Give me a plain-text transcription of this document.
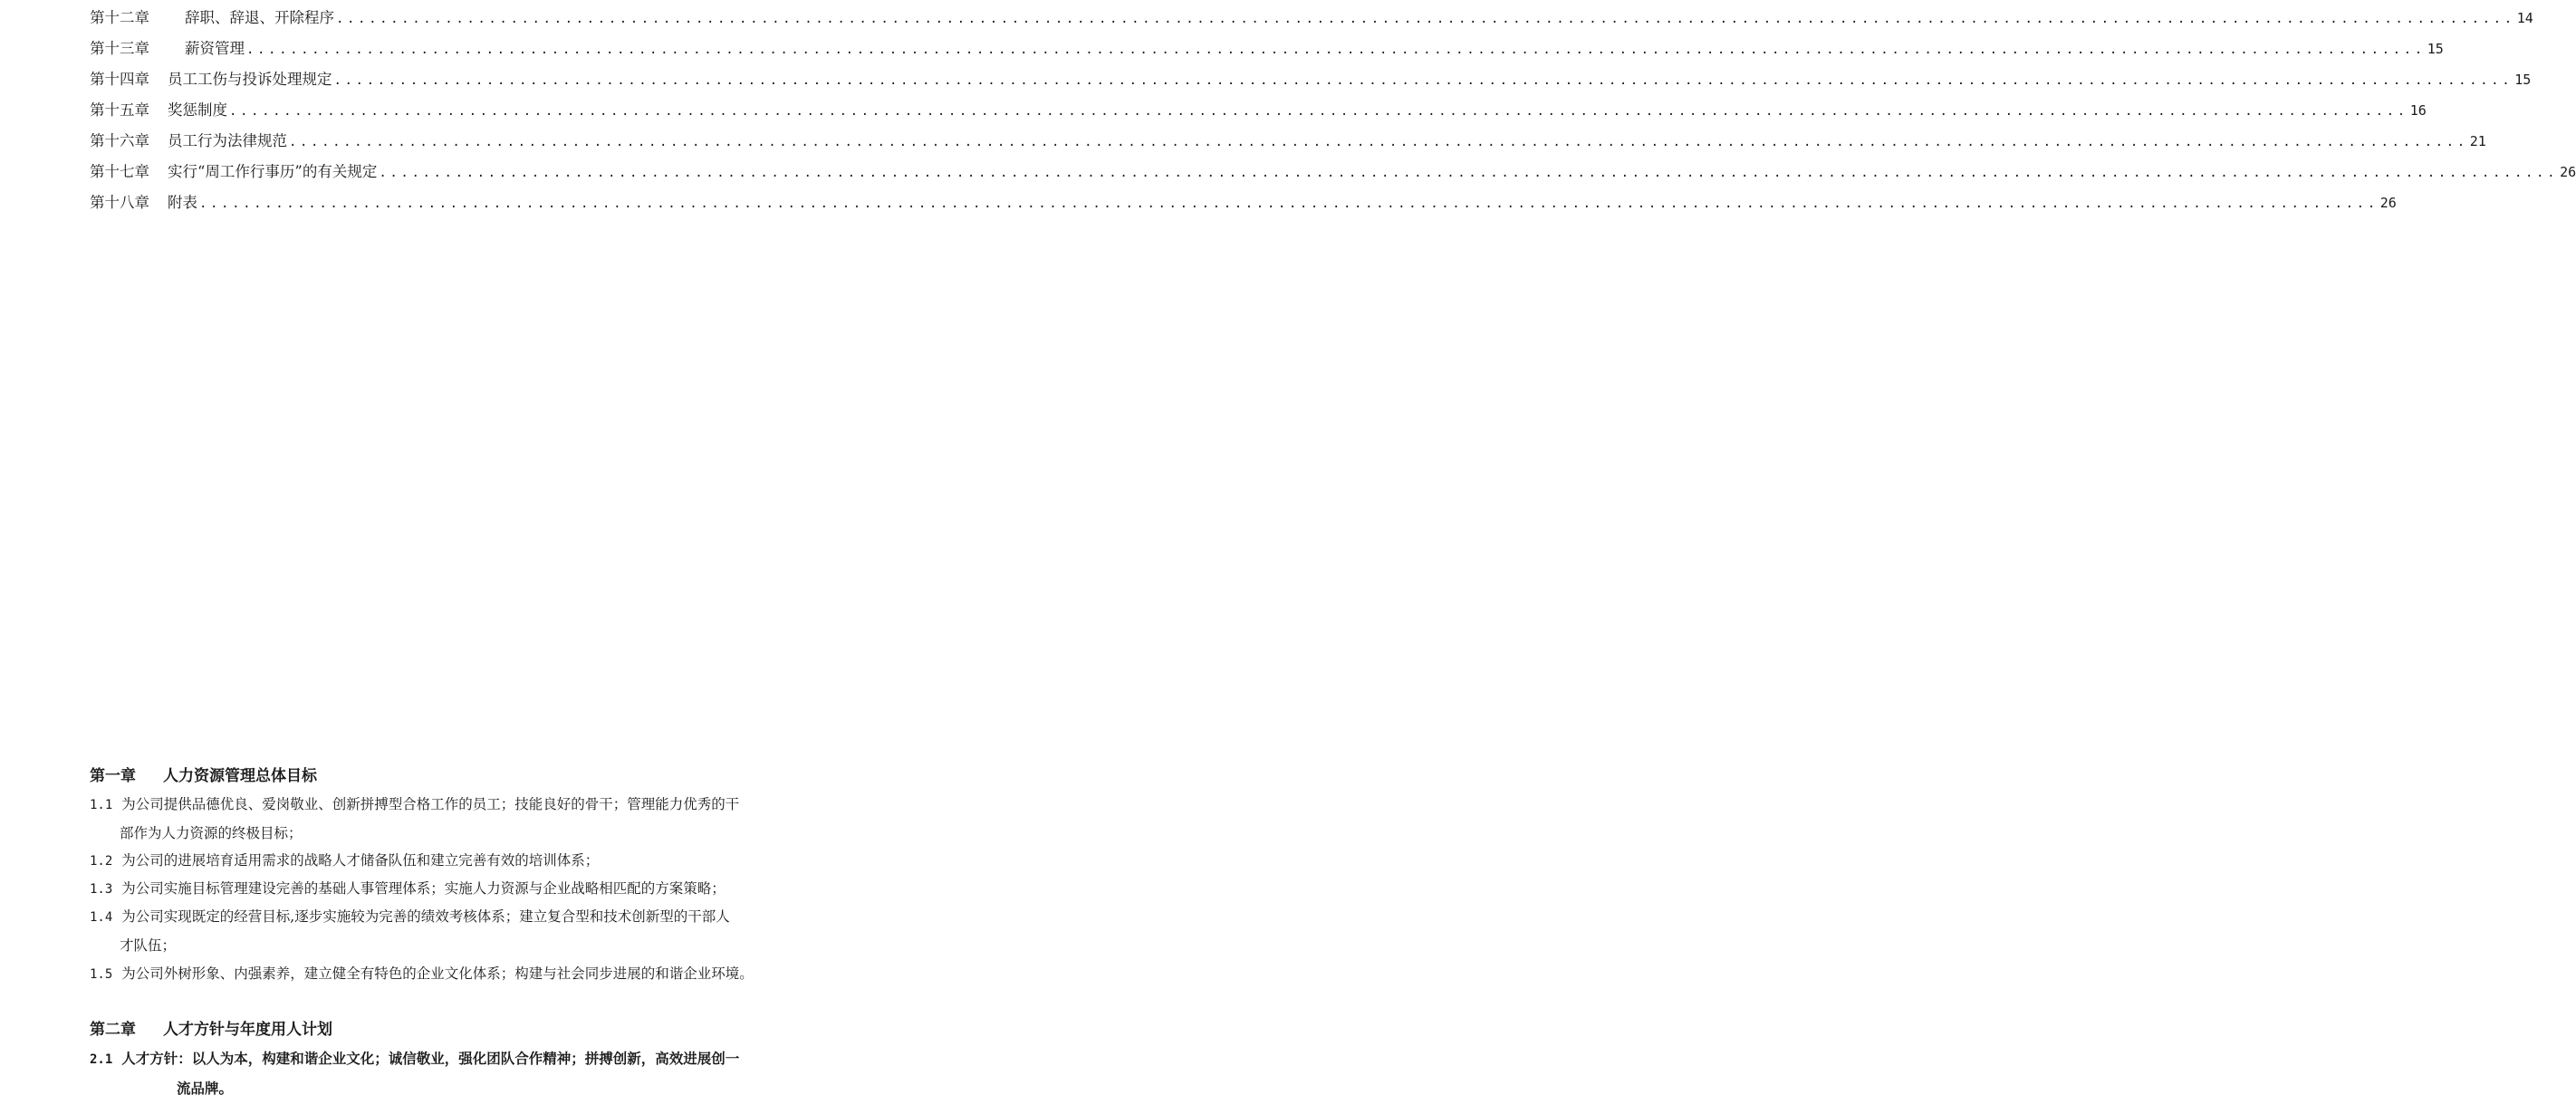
第十二章 辞职、辞退、开除程序 ........................................................................................................................................................................................................ 14
第十三章 薪资管理 ........................................................................................................................................................................................................ 15
第十四章 员工工伤与投诉处理规定 ........................................................................................................................................................................................................ 15
第十五章 奖惩制度 ........................................................................................................................................................................................................ 16
第十六章 员工行为法律规范 ........................................................................................................................................................................................................ 21
第十七章 实行“周工作行事历”的有关规定 ........................................................................................................................................................................................................ 26
第十八章 附表 ........................................................................................................................................................................................................ 26
第一章 人力资源管理总体目标
1.1 为公司提供品德优良、爱岗敬业、创新拼搏型合格工作的员工；技能良好的骨干；管理能力优秀的干
部作为人力资源的终极目标；
1.2 为公司的进展培育适用需求的战略人才储备队伍和建立完善有效的培训体系；
1.3 为公司实施目标管理建设完善的基础人事管理体系；实施人力资源与企业战略相匹配的方案策略；
1.4 为公司实现既定的经营目标,逐步实施较为完善的绩效考核体系；建立复合型和技术创新型的干部人
才队伍；
1.5 为公司外树形象、内强素养，建立健全有特色的企业文化体系；构建与社会同步进展的和谐企业环境。
第二章 人才方针与年度用人计划
2.1 人才方针：以人为本，构建和谐企业文化；诚信敬业，强化团队合作精神；拼搏创新，高效进展创一
流品牌。
